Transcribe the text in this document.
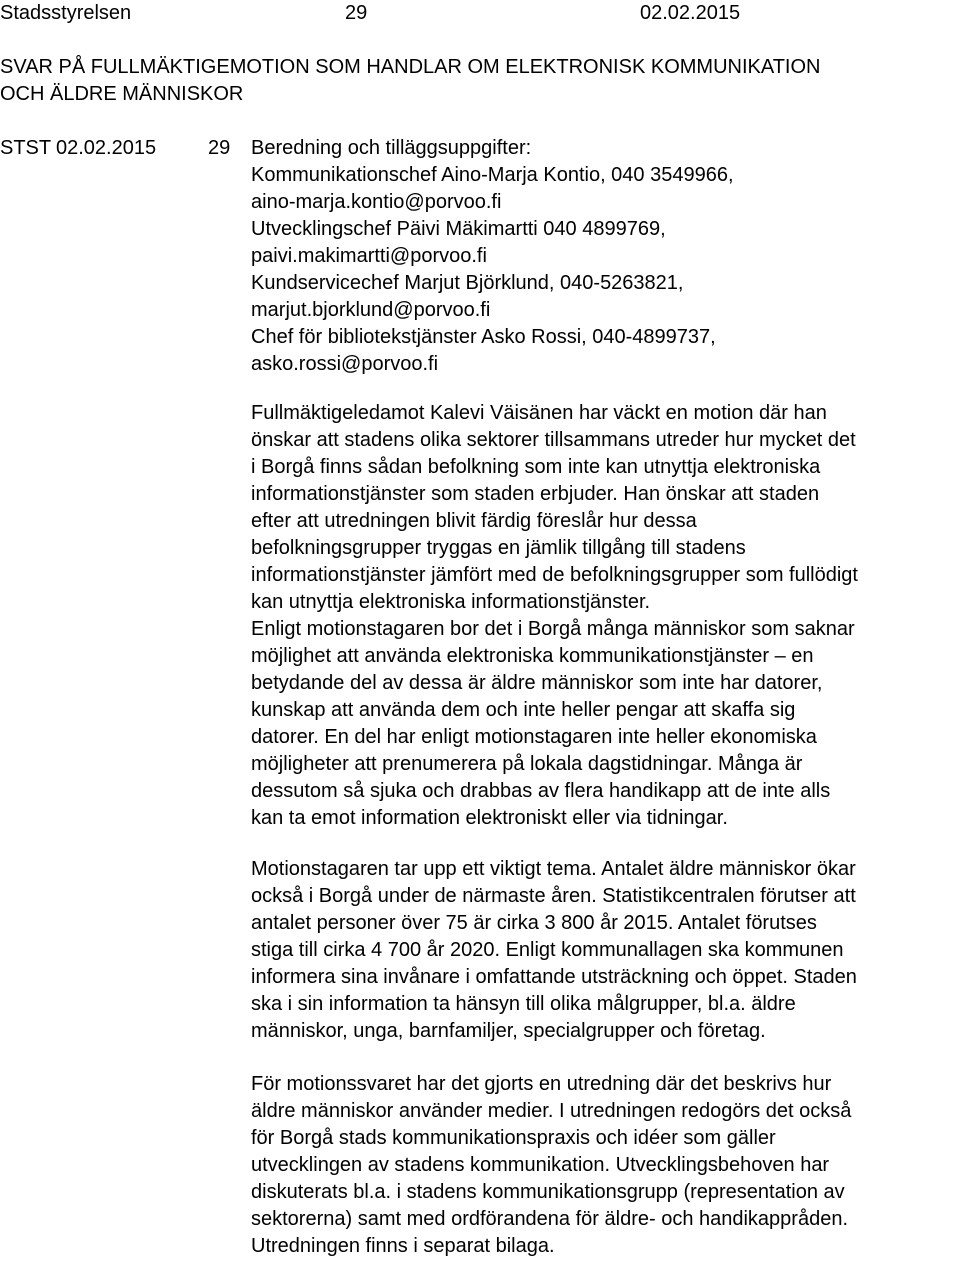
Stadsstyrelsen	29	02.02.2015
SVAR PÅ FULLMÄKTIGEMOTION SOM HANDLAR OM ELEKTRONISK KOMMUNIKATION
OCH ÄLDRE MÄNNISKOR
STST 02.02.2015	29 Beredning och tilläggsuppgifter:
Kommunikationschef Aino-Marja Kontio, 040 3549966,
aino-marja.kontio@porvoo.fi
Utvecklingschef Päivi Mäkimartti 040 4899769,
paivi.makimartti@porvoo.fi
Kundservicechef Marjut Björklund, 040-5263821,
marjut.bjorklund@porvoo.fi
Chef för bibliotekstjänster Asko Rossi, 040-4899737,
asko.rossi@porvoo.fi
Fullmäktigeledamot Kalevi Väisänen har väckt en motion där han
önskar att stadens olika sektorer tillsammans utreder hur mycket det
i Borgå finns sådan befolkning som inte kan utnyttja elektroniska
informationstjänster som staden erbjuder. Han önskar att staden
efter att utredningen blivit färdig föreslår hur dessa
befolkningsgrupper tryggas en jämlik tillgång till stadens
informationstjänster jämfört med de befolkningsgrupper som fullödigt
kan utnyttja elektroniska informationstjänster.
Enligt motionstagaren bor det i Borgå många människor som saknar
möjlighet att använda elektroniska kommunikationstjänster – en
betydande del av dessa är äldre människor som inte har datorer,
kunskap att använda dem och inte heller pengar att skaffa sig
datorer. En del har enligt motionstagaren inte heller ekonomiska
möjligheter att prenumerera på lokala dagstidningar. Många är
dessutom så sjuka och drabbas av flera handikapp att de inte alls
kan ta emot information elektroniskt eller via tidningar.
Motionstagaren tar upp ett viktigt tema. Antalet äldre människor ökar
också i Borgå under de närmaste åren. Statistikcentralen förutser att
antalet personer över 75 är cirka 3 800 år 2015. Antalet förutses
stiga till cirka 4 700 år 2020. Enligt kommunallagen ska kommunen
informera sina invånare i omfattande utsträckning och öppet. Staden
ska i sin information ta hänsyn till olika målgrupper, bl.a. äldre
människor, unga, barnfamiljer, specialgrupper och företag.
För motionssvaret har det gjorts en utredning där det beskrivs hur
äldre människor använder medier. I utredningen redogörs det också
för Borgå stads kommunikationspraxis och idéer som gäller
utvecklingen av stadens kommunikation. Utvecklingsbehoven har
diskuterats bl.a. i stadens kommunikationsgrupp (representation av
sektorerna) samt med ordförandena för äldre- och handikappråden.
Utredningen finns i separat bilaga.
